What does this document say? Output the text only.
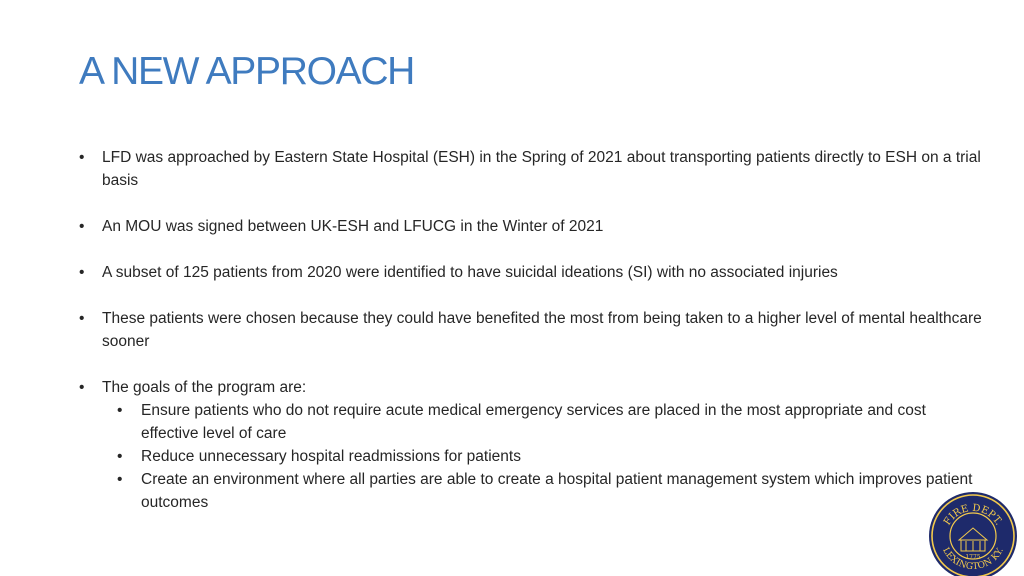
A NEW APPROACH
• LFD was approached by Eastern State Hospital (ESH) in the Spring of 2021 about transporting patients directly to ESH on a trial basis
• An MOU was signed between UK-ESH and LFUCG in the Winter of 2021
• A subset of 125 patients from 2020 were identified to have suicidal ideations (SI) with no associated injuries
• These patients were chosen because they could have benefited the most from being taken to a higher level of mental healthcare sooner
• The goals of the program are:
• Ensure patients who do not require acute medical emergency services are placed in the most appropriate and cost effective level of care
• Reduce unnecessary hospital readmissions for patients
• Create an environment where all parties are able to create a hospital patient management system which improves patient outcomes
FIRE DEPT.
LEXINGTON KY.
1775
